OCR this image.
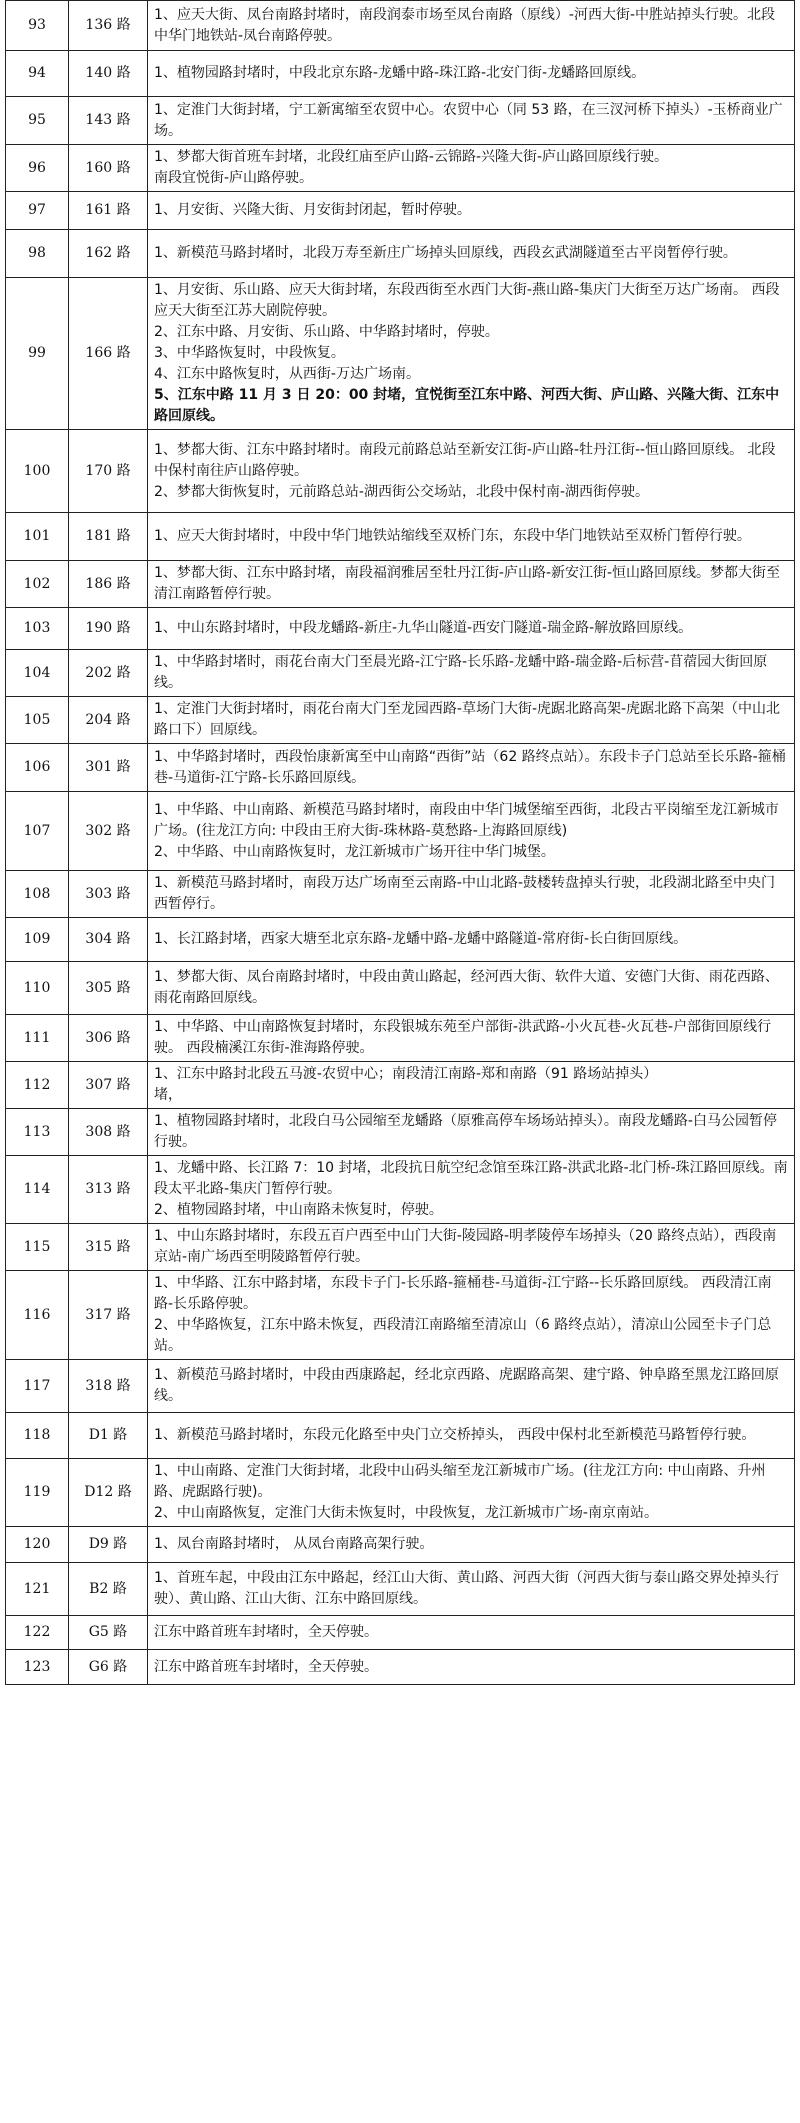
93	136 路	1、应天大街、凤台南路封堵时，南段润泰市场至凤台南路（原线）-河西大街-中胜站掉头行驶。北段中华门地铁站-凤台南路停驶。

94	140 路	1、植物园路封堵时，中段北京东路-龙蟠中路-珠江路-北安门街-龙蟠路回原线。

95	143 路	1、定淮门大街封堵，宁工新寓缩至农贸中心。农贸中心（同 53 路，在三汊河桥下掉头）-玉桥商业广场。

96	160 路	1、梦都大街首班车封堵，北段红庙至庐山路-云锦路-兴隆大街-庐山路回原线行驶。
南段宜悦街-庐山路停驶。

97	161 路	1、月安街、兴隆大街、月安街封闭起，暂时停驶。

98	162 路	1、新模范马路封堵时，北段万寿至新庄广场掉头回原线，西段玄武湖隧道至古平岗暂停行驶。

99	166 路	1、月安街、乐山路、应天大街封堵，东段西街至水西门大街-燕山路-集庆门大街至万达广场南。 西段应天大街至江苏大剧院停驶。
2、江东中路、月安街、乐山路、中华路封堵时，停驶。
3、中华路恢复时，中段恢复。
4、江东中路恢复时，从西街-万达广场南。
5、江东中路 11 月 3 日 20：00 封堵，宜悦街至江东中路、河西大街、庐山路、兴隆大街、江东中路回原线。

100	170 路	1、梦都大街、江东中路封堵时。南段元前路总站至新安江街-庐山路-牡丹江街--恒山路回原线。 北段中保村南往庐山路停驶。
2、梦都大街恢复时，元前路总站-湖西街公交场站，北段中保村南-湖西街停驶。

101	181 路	1、应天大街封堵时，中段中华门地铁站缩线至双桥门东，东段中华门地铁站至双桥门暂停行驶。

102	186 路	1、梦都大街、江东中路封堵，南段福润雅居至牡丹江街-庐山路-新安江街-恒山路回原线。梦都大街至清江南路暂停行驶。

103	190 路	1、中山东路封堵时，中段龙蟠路-新庄-九华山隧道-西安门隧道-瑞金路-解放路回原线。

104	202 路	1、中华路封堵时，雨花台南大门至晨光路-江宁路-长乐路-龙蟠中路-瑞金路-后标营-苜蓿园大街回原线。

105	204 路	1、定淮门大街封堵时，雨花台南大门至龙园西路-草场门大街-虎踞北路高架-虎踞北路下高架（中山北路口下）回原线。

106	301 路	1、中华路封堵时，西段怡康新寓至中山南路“西街”站（62 路终点站）。东段卡子门总站至长乐路-箍桶巷-马道街-江宁路-长乐路回原线。

107	302 路	1、中华路、中山南路、新模范马路封堵时，南段由中华门城堡缩至西街，北段古平岗缩至龙江新城市广场。(往龙江方向: 中段由王府大街-珠林路-莫愁路-上海路回原线)
2、中华路、中山南路恢复时，龙江新城市广场开往中华门城堡。

108	303 路	1、新模范马路封堵时，南段万达广场南至云南路-中山北路-鼓楼转盘掉头行驶，北段湖北路至中央门西暂停行。

109	304 路	1、长江路封堵，西家大塘至北京东路-龙蟠中路-龙蟠中路隧道-常府街-长白街回原线。

110	305 路	1、梦都大街、凤台南路封堵时，中段由黄山路起，经河西大街、软件大道、安德门大街、雨花西路、雨花南路回原线。

111	306 路	1、中华路、中山南路恢复封堵时，东段银城东苑至户部街-洪武路-小火瓦巷-火瓦巷-户部街回原线行驶。 西段楠溪江东街-淮海路停驶。

112	307 路	1、江东中路封北段五马渡-农贸中心；南段清江南路-郑和南路（91 路场站掉头）
堵，

113	308 路	1、植物园路封堵时，北段白马公园缩至龙蟠路（原雅高停车场场站掉头）。南段龙蟠路-白马公园暂停行驶。

114	313 路	1、龙蟠中路、长江路 7：10 封堵，北段抗日航空纪念馆至珠江路-洪武北路-北门桥-珠江路回原线。南段太平北路-集庆门暂停行驶。
2、植物园路封堵，中山南路未恢复时，停驶。

115	315 路	1、中山东路封堵时，东段五百户西至中山门大街-陵园路-明孝陵停车场掉头（20 路终点站），西段南京站-南广场西至明陵路暂停行驶。

116	317 路	1、中华路、江东中路封堵，东段卡子门-长乐路-箍桶巷-马道街-江宁路--长乐路回原线。 西段清江南路-长乐路停驶。
2、中华路恢复，江东中路未恢复，西段清江南路缩至清凉山（6 路终点站），清凉山公园至卡子门总站。

117	318 路	1、新模范马路封堵时，中段由西康路起，经北京西路、虎踞路高架、建宁路、钟阜路至黑龙江路回原线。

118	D1 路	1、新模范马路封堵时，东段元化路至中央门立交桥掉头， 西段中保村北至新模范马路暂停行驶。

119	D12 路	1、中山南路、定淮门大街封堵，北段中山码头缩至龙江新城市广场。(往龙江方向: 中山南路、升州路、虎踞路行驶)。
2、中山南路恢复，定淮门大街未恢复时，中段恢复，龙江新城市广场-南京南站。

120	D9 路	1、凤台南路封堵时， 从凤台南路高架行驶。

121	B2 路	1、首班车起，中段由江东中路起，经江山大街、黄山路、河西大街（河西大街与泰山路交界处掉头行驶）、黄山路、江山大街、江东中路回原线。

122	G5 路	江东中路首班车封堵时，全天停驶。

123	G6 路	江东中路首班车封堵时，全天停驶。
